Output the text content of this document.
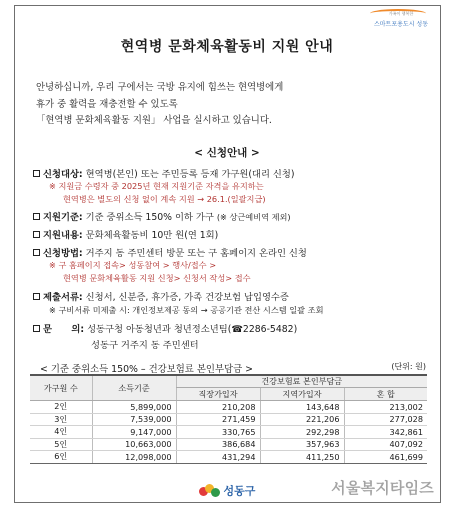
가족이 행복한
스마트포용도시 성동
현역병 문화체육활동비 지원 안내
안녕하십니까, 우리 구에서는 국방 유지에 힘쓰는 현역병에게
휴가 중 활력을 재충전할 수 있도록
「현역병 문화체육활동 지원」 사업을 실시하고 있습니다.
< 신청안내 >
신청대상: 현역병(본인) 또는 주민등록 등재 가구원(대리 신청)
※ 지원금 수령자 중 2025년 현재 지원기준 자격을 유지하는
현역병은 별도의 신청 없이 계속 지원 → 26.1.(일괄지급)
지원기준: 기준 중위소득 150% 이하 가구 (※ 상근예비역 제외)
지원내용: 문화체육활동비 10만 원(연 1회)
신청방법: 거주지 동 주민센터 방문 또는 구 홈페이지 온라인 신청
※ 구 홈페이지 접속> 성동참여 > 행사/접수 >
현역병 문화체육활동 지원 신청> 신청서 작성> 접수
제출서류: 신청서, 신분증, 휴가증, 가족 건강보험 납입영수증
※ 구비서류 미제출 시: 개인정보제공 동의 → 공공기관 전산 시스템 일괄 조회
문      의: 성동구청 아동청년과 청년정소년팀(☎2286-5482)
성동구 거주지 동 주민센터
< 기준 중위소득 150% – 건강보험료 본인부담금 >	(단위: 원)
가구원 수	소득기준	건강보험료 본인부담금		
		직장가입자	지역가입자	혼 합
2인	5,899,000	210,208	143,648	213,002
3인	7,539,000	271,459	221,206	277,028
4인	9,147,000	330,765	292,298	342,861
5인	10,663,000	386,684	357,963	407,092
6인	12,098,000	431,294	411,250	461,699
성동구	서울복지타임즈
